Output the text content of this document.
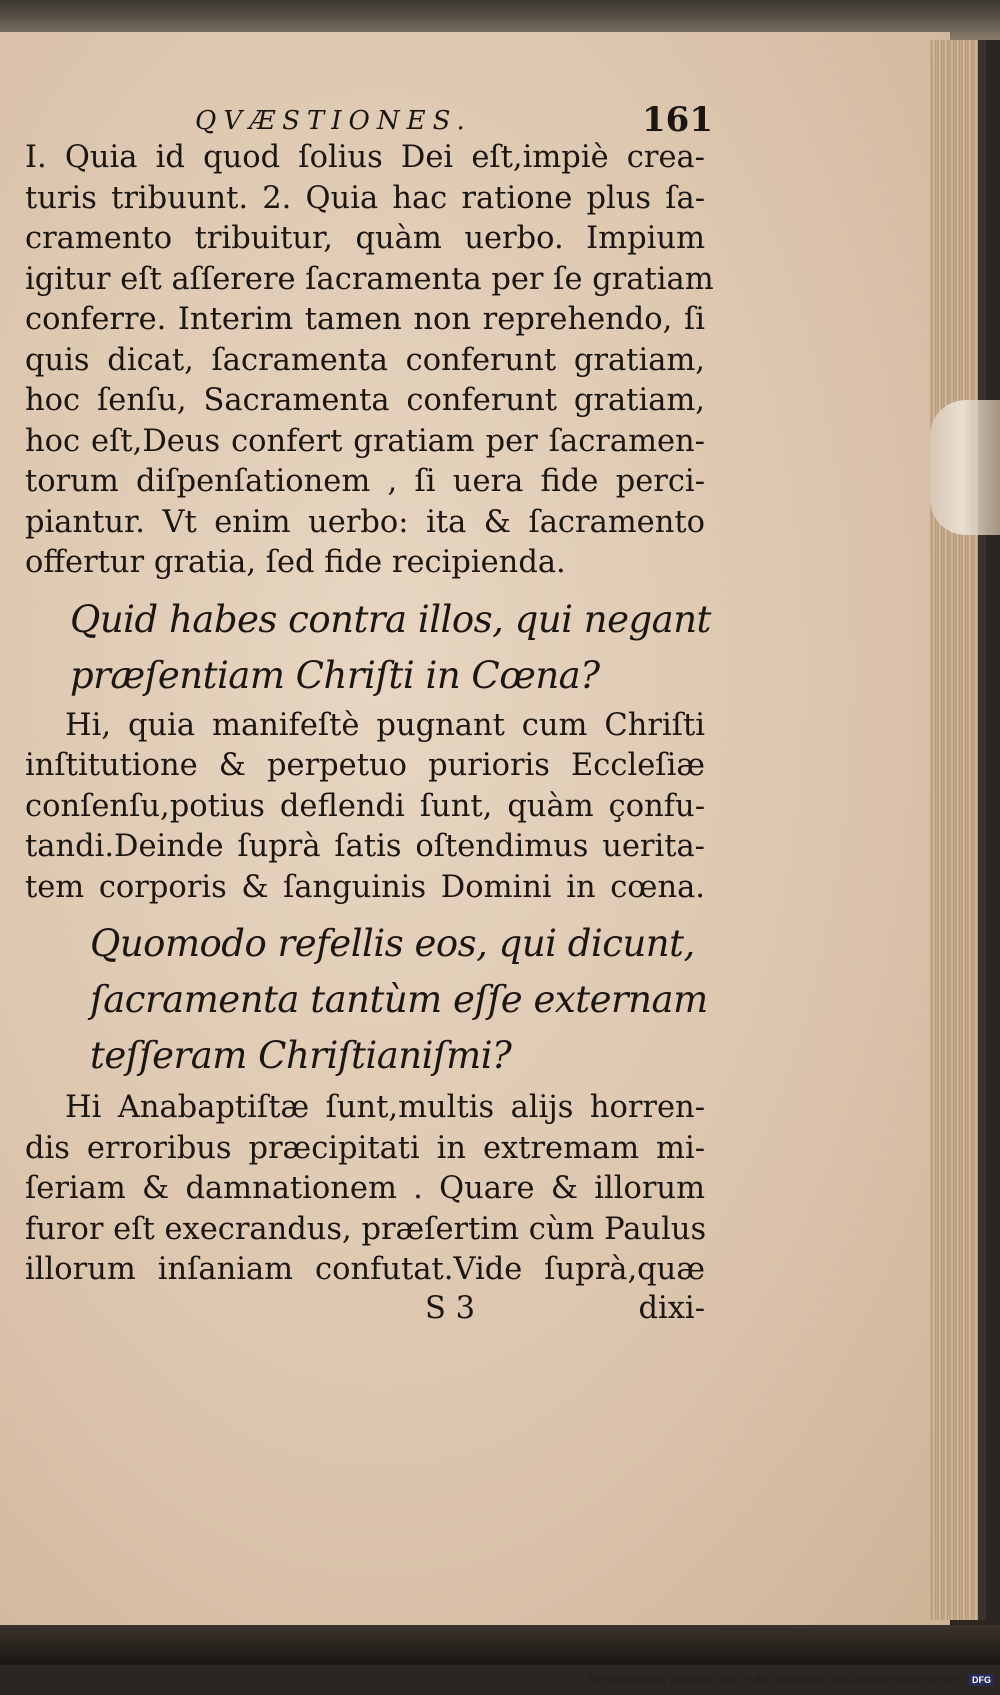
QVÆSTIONES.	161

I. Quia id quod ſolius Dei eſt,impiè crea-
turis tribuunt. 2. Quia hac ratione plus ſa-
cramento tribuitur, quàm uerbo. Impium
igitur eſt aſſerere ſacramenta per ſe gratiam
conferre. Interim tamen non reprehendo, ſi
quis dicat, ſacramenta conferunt gratiam,
hoc ſenſu, Sacramenta conferunt gratiam,
hoc eſt,Deus confert gratiam per ſacramen-
torum diſpenſationem , ſi uera fide perci-
piantur. Vt enim uerbo: ita & ſacramento
offertur gratia, ſed fide recipienda.

Quid habes contra illos, qui negant
præſentiam Chriſti in Cœna?

Hi, quia manifeſtè pugnant cum Chriſti
inſtitutione & perpetuo purioris Eccleſiæ
conſenſu,potius deflendi ſunt, quàm çonfu-
tandi.Deinde ſuprà ſatis oſtendimus uerita-
tem corporis & ſanguinis Domini in cœna.

Quomodo refellis eos, qui dicunt,
ſacramenta tantùm eſſe externam
teſſeram Chriſtianiſmi?

Hi Anabaptiſtæ ſunt,multis alijs horren-
dis erroribus præcipitati in extremam mi-
ſeriam & damnationem . Quare & illorum
furor eſt execrandus, præſertim cùm Paulus
illorum inſaniam confutat.Vide ſuprà,quæ

S 3	dixi-
Digitalisierung gefördert durch die Deutsche Forschungsgemeinschaft - DFG
